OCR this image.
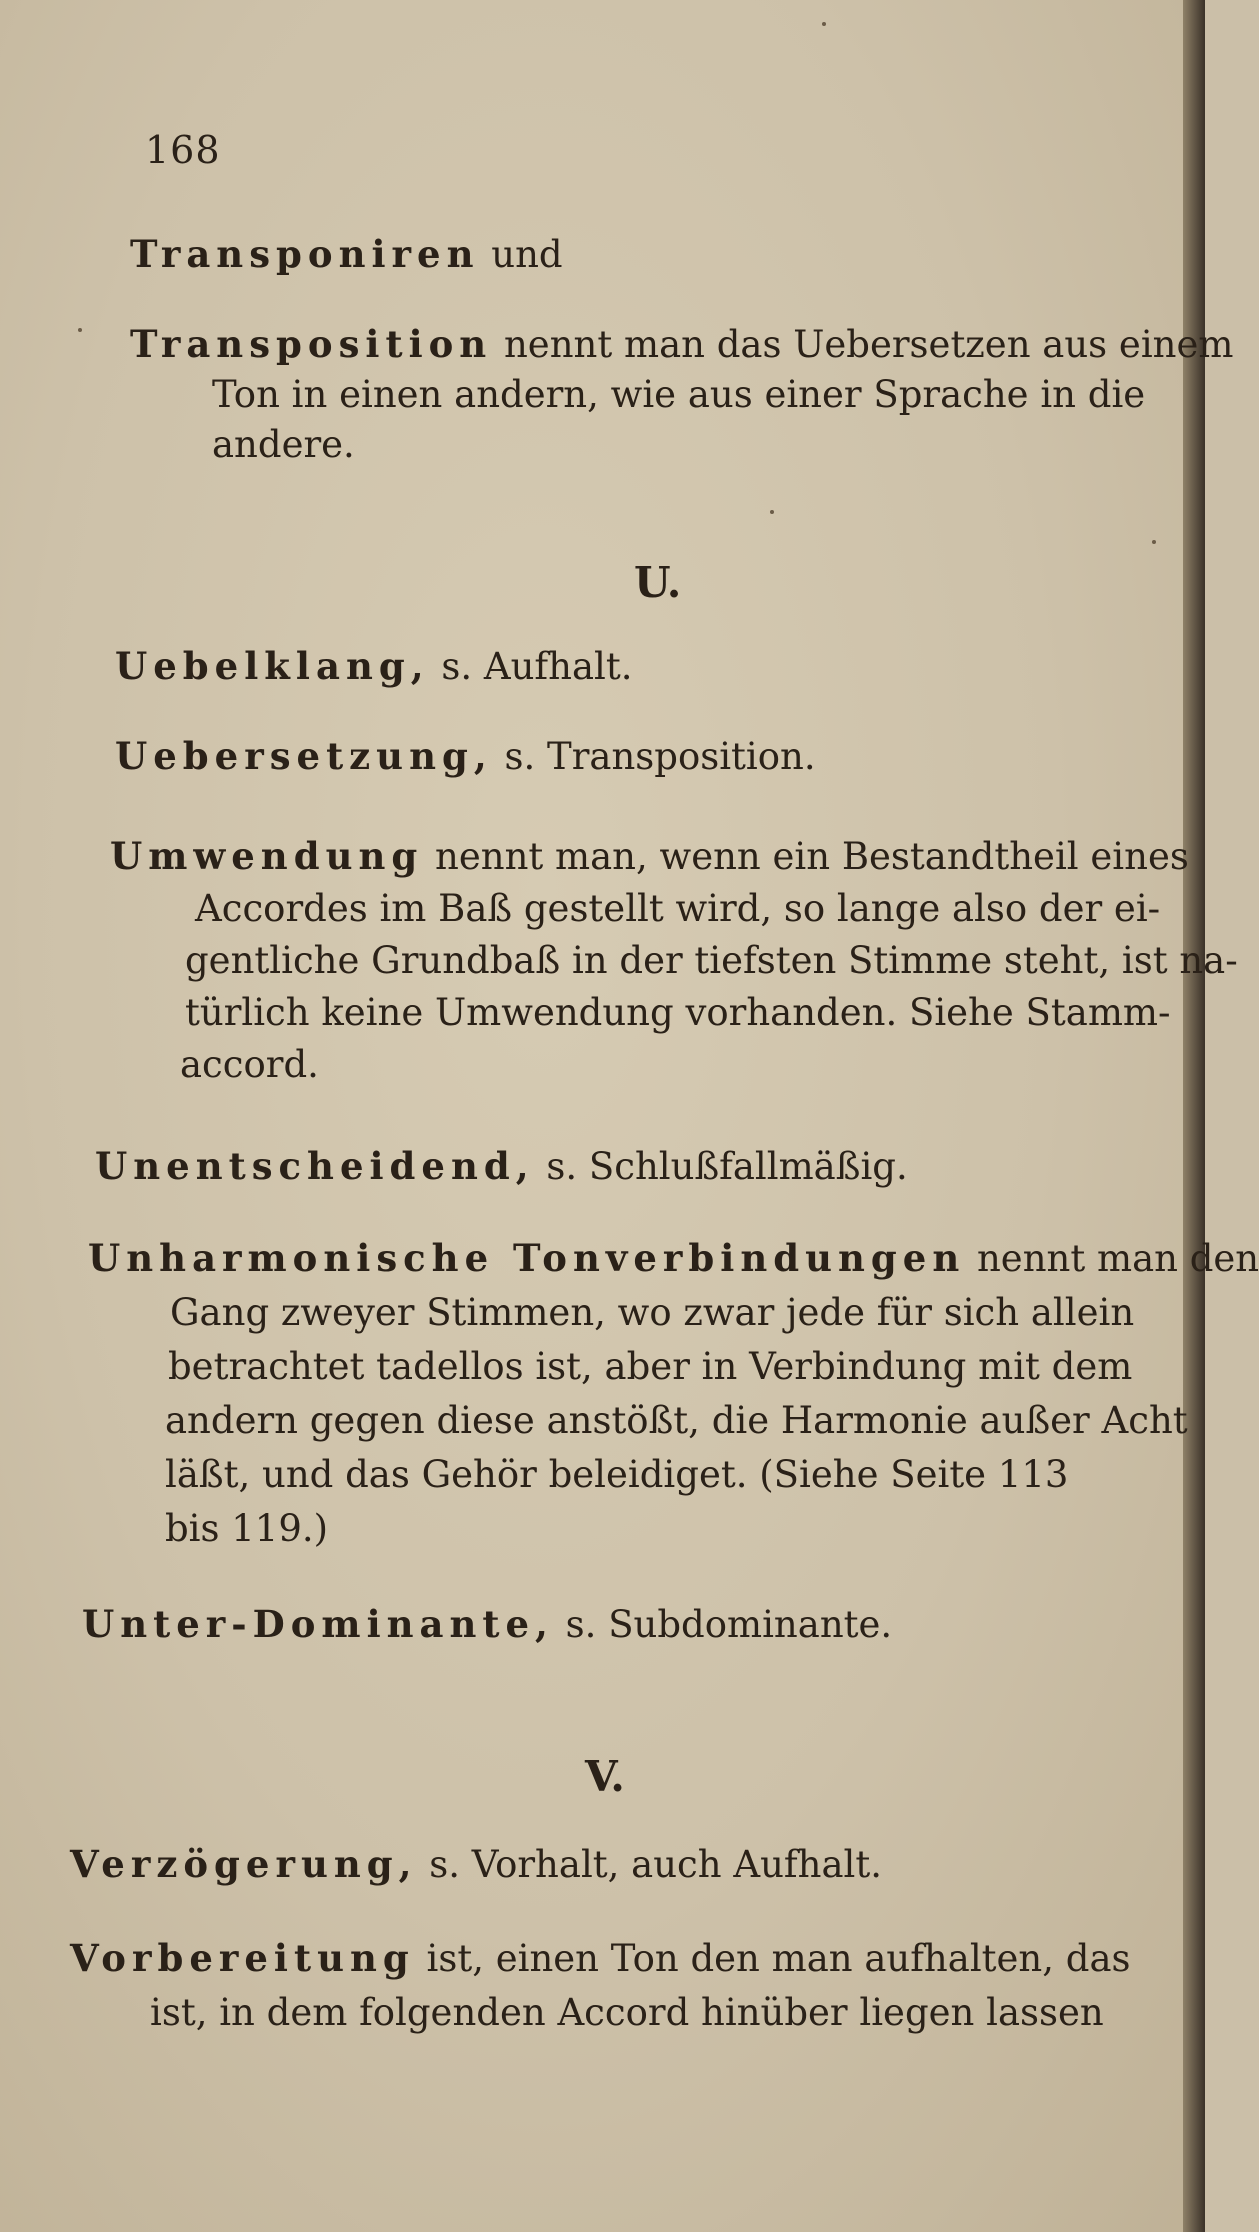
168
Transponiren und
Transposition nennt man das Uebersetzen aus einem
Ton in einen andern, wie aus einer Sprache in die
andere.
U.
Uebelklang, s. Aufhalt.
Uebersetzung, s. Transposition.
Umwendung nennt man, wenn ein Bestandtheil eines
Accordes im Baß gestellt wird, so lange also der ei-
gentliche Grundbaß in der tiefsten Stimme steht, ist na-
türlich keine Umwendung vorhanden. Siehe Stamm-
accord.
Unentscheidend, s. Schlußfallmäßig.
Unharmonische Tonverbindungen nennt man den
Gang zweyer Stimmen, wo zwar jede für sich allein
betrachtet tadellos ist, aber in Verbindung mit dem
andern gegen diese anstößt, die Harmonie außer Acht
läßt, und das Gehör beleidiget. (Siehe Seite 113
bis 119.)
Unter-Dominante, s. Subdominante.
V.
Verzögerung, s. Vorhalt, auch Aufhalt.
Vorbereitung ist, einen Ton den man aufhalten, das
ist, in dem folgenden Accord hinüber liegen lassen
